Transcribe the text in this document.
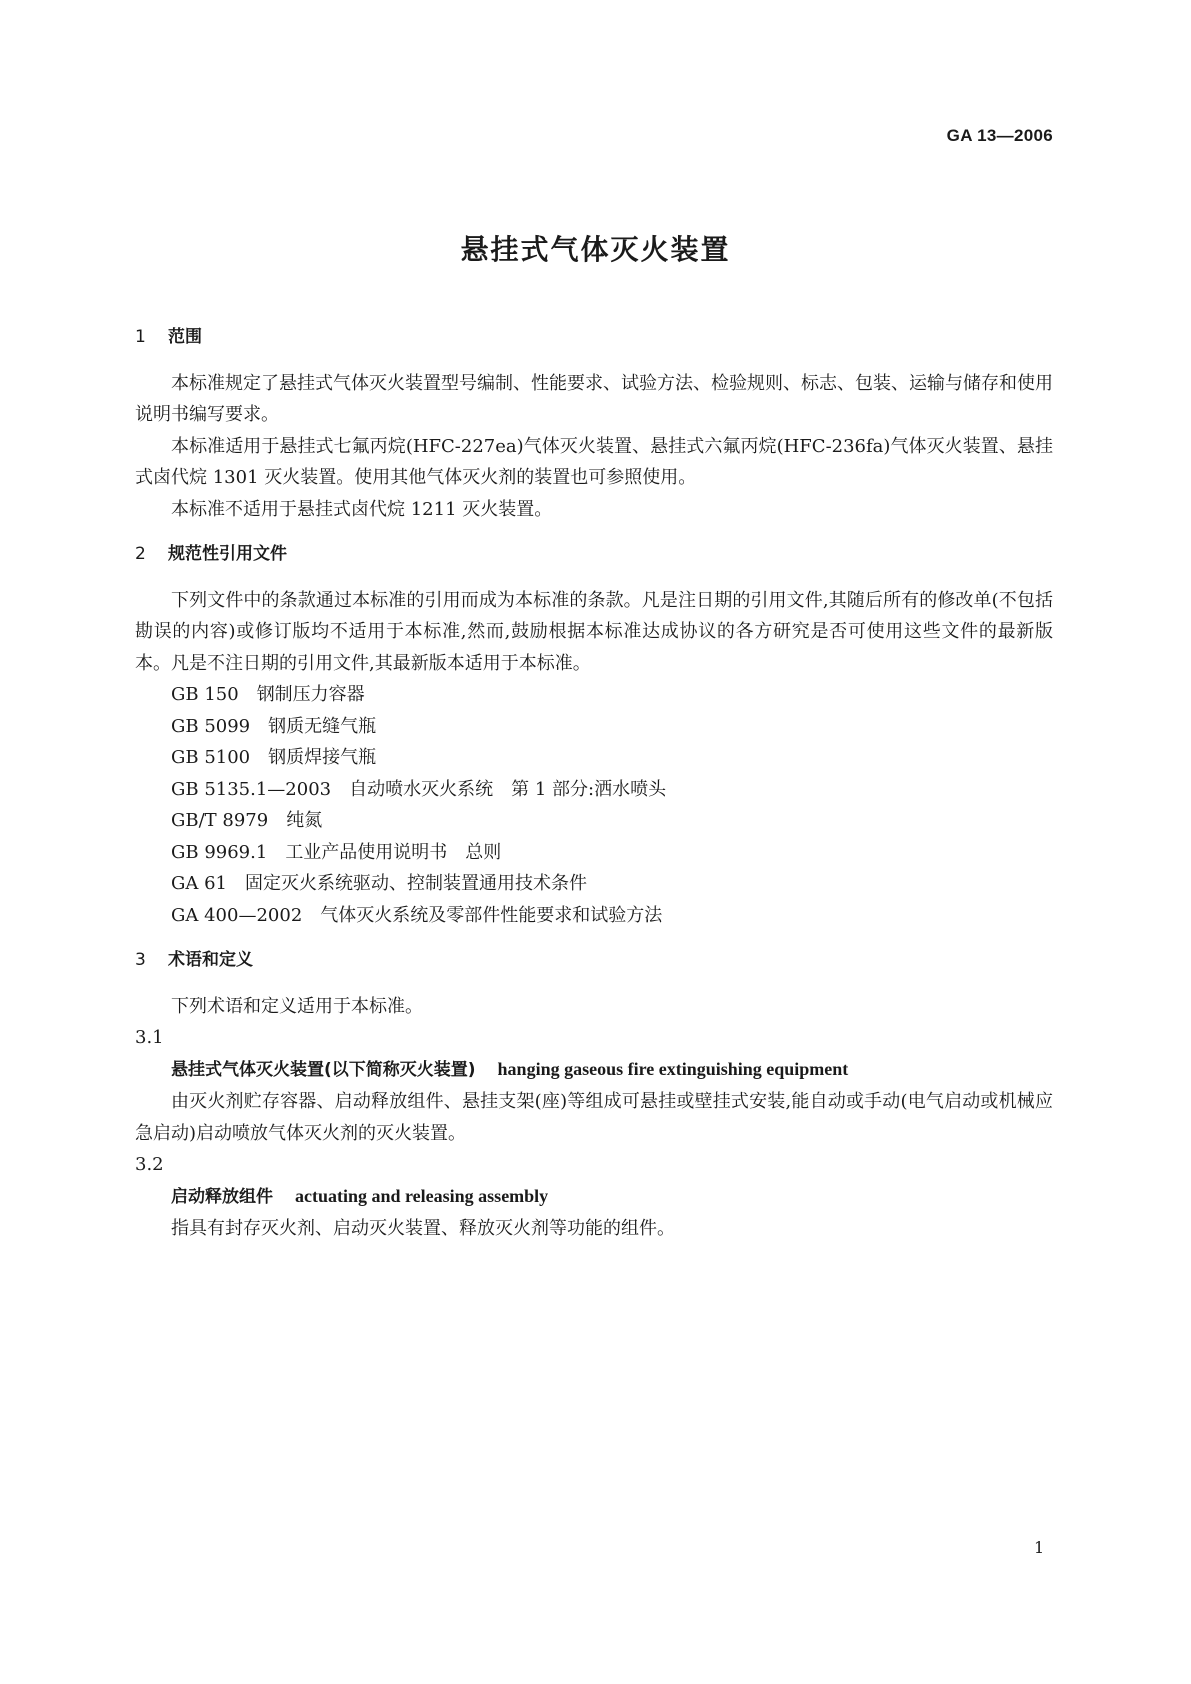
GA 13—2006
悬挂式气体灭火装置
1 范围

本标准规定了悬挂式气体灭火装置型号编制、性能要求、试验方法、检验规则、标志、包装、运输与储存和使用说明书编写要求。

本标准适用于悬挂式七氟丙烷(HFC-227ea)气体灭火装置、悬挂式六氟丙烷(HFC-236fa)气体灭火装置、悬挂式卤代烷 1301 灭火装置。使用其他气体灭火剂的装置也可参照使用。

本标准不适用于悬挂式卤代烷 1211 灭火装置。

2 规范性引用文件

下列文件中的条款通过本标准的引用而成为本标准的条款。凡是注日期的引用文件,其随后所有的修改单(不包括勘误的内容)或修订版均不适用于本标准,然而,鼓励根据本标准达成协议的各方研究是否可使用这些文件的最新版本。凡是不注日期的引用文件,其最新版本适用于本标准。

GB 150 钢制压力容器
GB 5099 钢质无缝气瓶
GB 5100 钢质焊接气瓶
GB 5135.1—2003 自动喷水灭火系统　第 1 部分:洒水喷头
GB/T 8979 纯氮
GB 9969.1 工业产品使用说明书　总则
GA 61 固定灭火系统驱动、控制装置通用技术条件
GA 400—2002 气体灭火系统及零部件性能要求和试验方法
3 术语和定义

下列术语和定义适用于本标准。

3.1
悬挂式气体灭火装置(以下简称灭火装置) hanging gaseous fire extinguishing equipment

由灭火剂贮存容器、启动释放组件、悬挂支架(座)等组成可悬挂或壁挂式安装,能自动或手动(电气启动或机械应急启动)启动喷放气体灭火剂的灭火装置。

3.2
启动释放组件 actuating and releasing assembly

指具有封存灭火剂、启动灭火装置、释放灭火剂等功能的组件。

1
